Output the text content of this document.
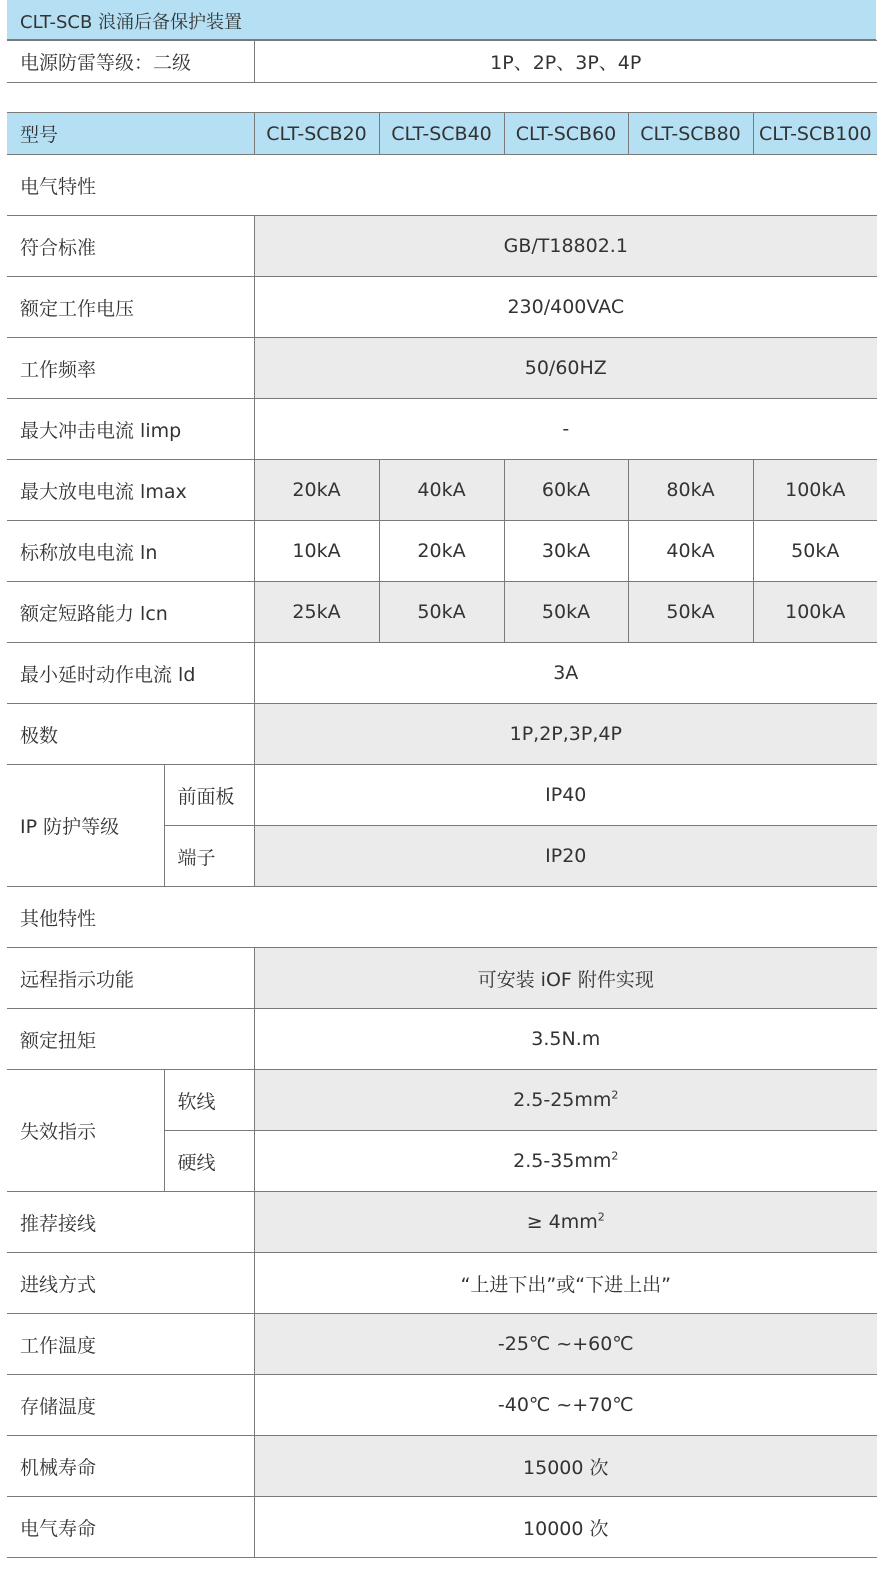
CLT-SCB 浪涌后备保护装置
电源防雷等级：二级	1P、2P、3P、4P
型号		CLT-SCB20	CLT-SCB40	CLT-SCB60	CLT-SCB80	CLT-SCB100
电气特性						
符合标准		GB/T18802.1				
额定工作电压		230/400VAC				
工作频率		50/60HZ				
最大冲击电流 limp		-				
最大放电电流 lmax		20kA	40kA	60kA	80kA	100kA
标称放电电流 ln		10kA	20kA	30kA	40kA	50kA
额定短路能力 lcn		25kA	50kA	50kA	50kA	100kA
最小延时动作电流 ld		3A				
极数		1P,2P,3P,4P				
IP 防护等级	前面板	IP40				
	端子	IP20				
其他特性						
远程指示功能		可安装 iOF 附件实现				
额定扭矩		3.5N.m				
失效指示	软线	$2.5-25mm^2$
	硬线	$2.5-35mm^2$
推荐接线		≥ $4mm^2$
进线方式		“上进下出”或“下进上出”				
工作温度		-25℃ ~+60℃				
存储温度		-40℃ ~+70℃				
机械寿命		15000 次				
电气寿命		10000 次				
